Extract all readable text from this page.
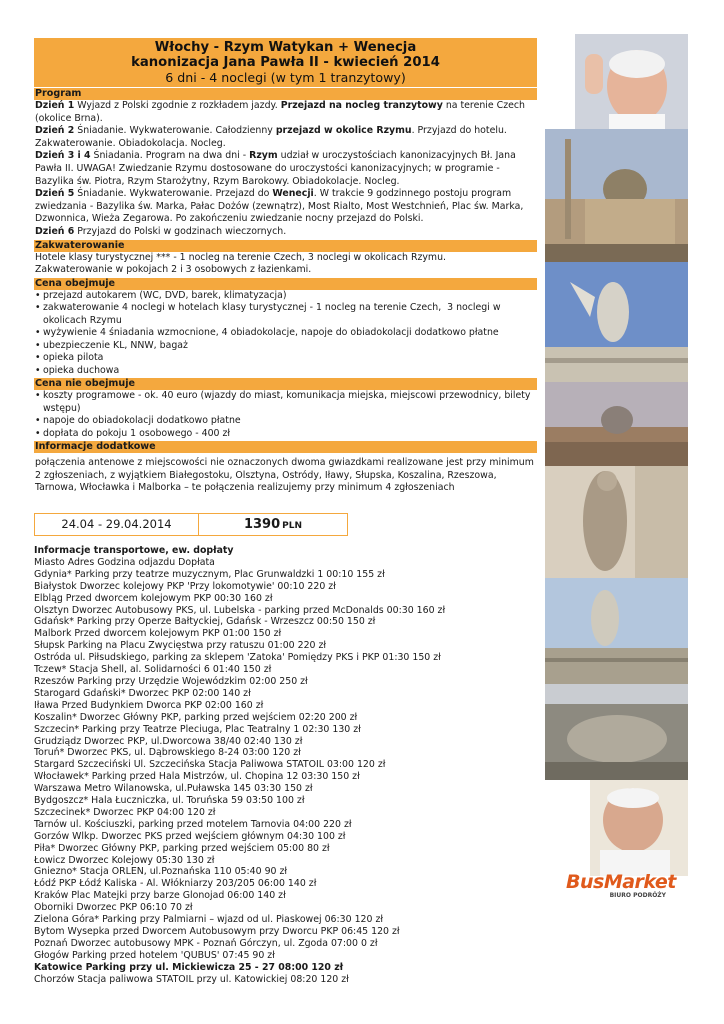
Włochy - Rzym Watykan + Wenecja
kanonizacja Jana Pawła II - kwiecień 2014
6 dni - 4 noclegi (w tym 1 tranzytowy)
Program

Dzień 1 Wyjazd z Polski zgodnie z rozkładem jazdy. Przejazd na nocleg tranzytowy na terenie Czech (okolice Brna).

Dzień 2 Śniadanie. Wykwaterowanie. Całodzienny przejazd w okolice Rzymu. Przyjazd do hotelu. Zakwaterowanie. Obiadokolacja. Nocleg.

Dzień 3 i 4 Śniadania. Program na dwa dni - Rzym udział w uroczystościach kanonizacyjnych Bł. Jana Pawła II. UWAGA! Zwiedzanie Rzymu dostosowane do uroczystości kanonizacyjnych; w programie - Bazylika św. Piotra, Rzym Starożytny, Rzym Barokowy. Obiadokolacje. Nocleg.

Dzień 5 Śniadanie. Wykwaterowanie. Przejazd do Wenecji. W trakcie 9 godzinnego postoju program zwiedzania - Bazylika św. Marka, Pałac Dożów (zewnątrz), Most Rialto, Most Westchnień, Plac św. Marka, Dzwonnica, Wieża Zegarowa. Po zakończeniu zwiedzanie nocny przejazd do Polski.

Dzień 6 Przyjazd do Polski w godzinach wieczornych.

Zakwaterowanie

Hotele klasy turystycznej *** - 1 nocleg na terenie Czech, 3 noclegi w okolicach Rzymu.

Zakwaterowanie w pokojach 2 i 3 osobowych z łazienkami.

Cena obejmuje
• przejazd autokarem (WC, DVD, barek, klimatyzacja)
• zakwaterowanie 4 noclegi w hotelach klasy turystycznej - 1 nocleg na terenie Czech,  3 noclegi w okolicach Rzymu
• wyżywienie 4 śniadania wzmocnione, 4 obiadokolacje, napoje do obiadokolacji dodatkowo płatne
• ubezpieczenie KL, NNW, bagaż
• opieka pilota
• opieka duchowa
Cena nie obejmuje
• koszty programowe - ok. 40 euro (wjazdy do miast, komunikacja miejska, miejscowi przewodnicy, bilety wstępu)
• napoje do obiadokolacji dodatkowo płatne
• dopłata do pokoju 1 osobowego - 400 zł
Informacje dodatkowe

połączenia antenowe z miejscowości nie oznaczonych dwoma gwiazdkami realizowane jest przy minimum 2 zgłoszeniach, z wyjątkiem Białegostoku, Olsztyna, Ostródy, Iławy, Słupska, Koszalina, Rzeszowa, Tarnowa, Włocławka i Malborka – te połączenia realizujemy przy minimum 4 zgłoszeniach

24.04 - 29.04.2014	1390 PLN
Informacje transportowe, ew. dopłaty
Miasto Adres Godzina odjazdu Dopłata
Gdynia* Parking przy teatrze muzycznym, Plac Grunwaldzki 1 00:10 155 zł
Białystok Dworzec kolejowy PKP 'Przy lokomotywie' 00:10 220 zł
Elbląg Przed dworcem kolejowym PKP 00:30 160 zł
Olsztyn Dworzec Autobusowy PKS, ul. Lubelska - parking przed McDonalds 00:30 160 zł
Gdańsk* Parking przy Operze Bałtyckiej, Gdańsk - Wrzeszcz 00:50 150 zł
Malbork Przed dworcem kolejowym PKP 01:00 150 zł
Słupsk Parking na Placu Zwycięstwa przy ratuszu 01:00 220 zł
Ostróda ul. Piłsudskiego, parking za sklepem 'Zatoka' Pomiędzy PKS i PKP 01:30 150 zł
Tczew* Stacja Shell, al. Solidarności 6 01:40 150 zł
Rzeszów Parking przy Urzędzie Wojewódzkim 02:00 250 zł
Starogard Gdański* Dworzec PKP 02:00 140 zł
Iława Przed Budynkiem Dworca PKP 02:00 160 zł
Koszalin* Dworzec Główny PKP, parking przed wejściem 02:20 200 zł
Szczecin* Parking przy Teatrze Pleciuga, Plac Teatralny 1 02:30 130 zł
Grudziądz Dworzec PKP, ul.Dworcowa 38/40 02:40 130 zł
Toruń* Dworzec PKS, ul. Dąbrowskiego 8-24 03:00 120 zł
Stargard Szczeciński Ul. Szczecińska Stacja Paliwowa STATOIL 03:00 120 zł
Włocławek* Parking przed Hala Mistrzów, ul. Chopina 12 03:30 150 zł
Warszawa Metro Wilanowska, ul.Puławska 145 03:30 150 zł
Bydgoszcz* Hala Łuczniczka, ul. Toruńska 59 03:50 100 zł
Szczecinek* Dworzec PKP 04:00 120 zł
Tarnów ul. Kościuszki, parking przed motelem Tarnovia 04:00 220 zł
Gorzów Wlkp. Dworzec PKS przed wejściem głównym 04:30 100 zł
Piła* Dworzec Główny PKP, parking przed wejściem 05:00 80 zł
Łowicz Dworzec Kolejowy 05:30 130 zł
Gniezno* Stacja ORLEN, ul.Poznańska 110 05:40 90 zł
Łódź PKP Łódź Kaliska - Al. Włókniarzy 203/205 06:00 140 zł
Kraków Plac Matejki przy barze Glonojad 06:00 140 zł
Oborniki Dworzec PKP 06:10 70 zł
Zielona Góra* Parking przy Palmiarni – wjazd od ul. Piaskowej 06:30 120 zł
Bytom Wysepka przed Dworcem Autobusowym przy Dworcu PKP 06:45 120 zł
Poznań Dworzec autobusowy MPK - Poznań Górczyn, ul. Zgoda 07:00 0 zł
Głogów Parking przed hotelem 'QUBUS' 07:45 90 zł
Katowice Parking przy ul. Mickiewicza 25 - 27 08:00 120 zł
Chorzów Stacja paliwowa STATOIL przy ul. Katowickiej 08:20 120 zł
BusMarket
BIURO PODRÓŻY
